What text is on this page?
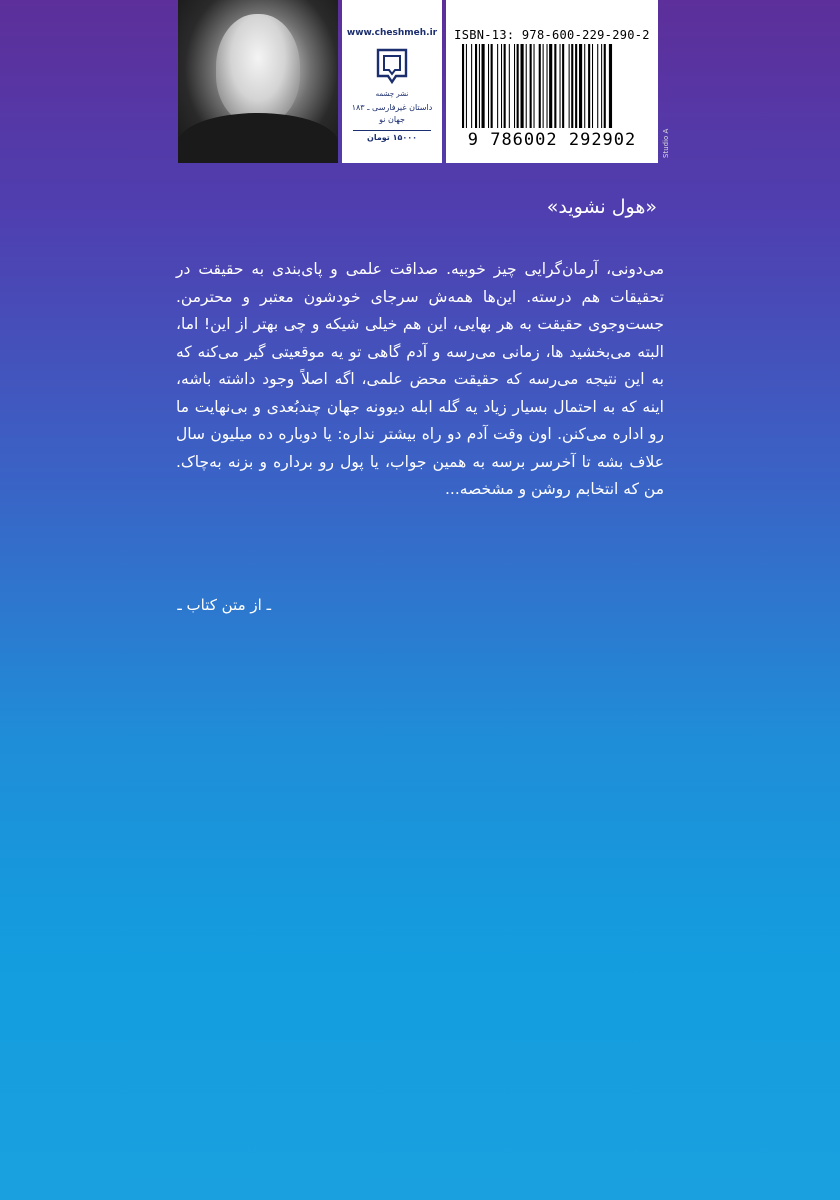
www.cheshmeh.ir
نشر چشمه
داستان غیرفارسی ـ ۱۸۳
جهان نو
۱۵۰۰۰ تومان
ISBN-13: 978-600-229-290-2
9 786002 292902	Studio A
«هول نشوید»
می‌دونی، آرمان‌گرایی چیز خوبیه. صداقت علمی و پای‌بندی به حقیقت در تحقیقات هم درسته. این‌ها همه‌ش سرجای خودشون معتبر و محترمن. جست‌وجوی حقیقت به هر بهایی، این هم خیلی شیکه و چی بهتر از این! اما، البته می‌بخشید ها، زمانی می‌رسه و آدم گاهی تو یه موقعیتی گیر می‌کنه که به این نتیجه می‌رسه که حقیقت محض علمی، اگه اصلاً وجود داشته باشه، اینه که به احتمال بسیار زیاد یه گله ابله دیوونه جهان چندبُعدی و بی‌نهایت ما رو اداره می‌کنن. اون وقت آدم دو راه بیشتر نداره: یا دوباره ده میلیون سال علاف بشه تا آخرسر برسه به همین جواب، یا پول رو برداره و بزنه به‌چاک. من که انتخابم روشن و مشخصه...
ـ از متن کتاب ـ
